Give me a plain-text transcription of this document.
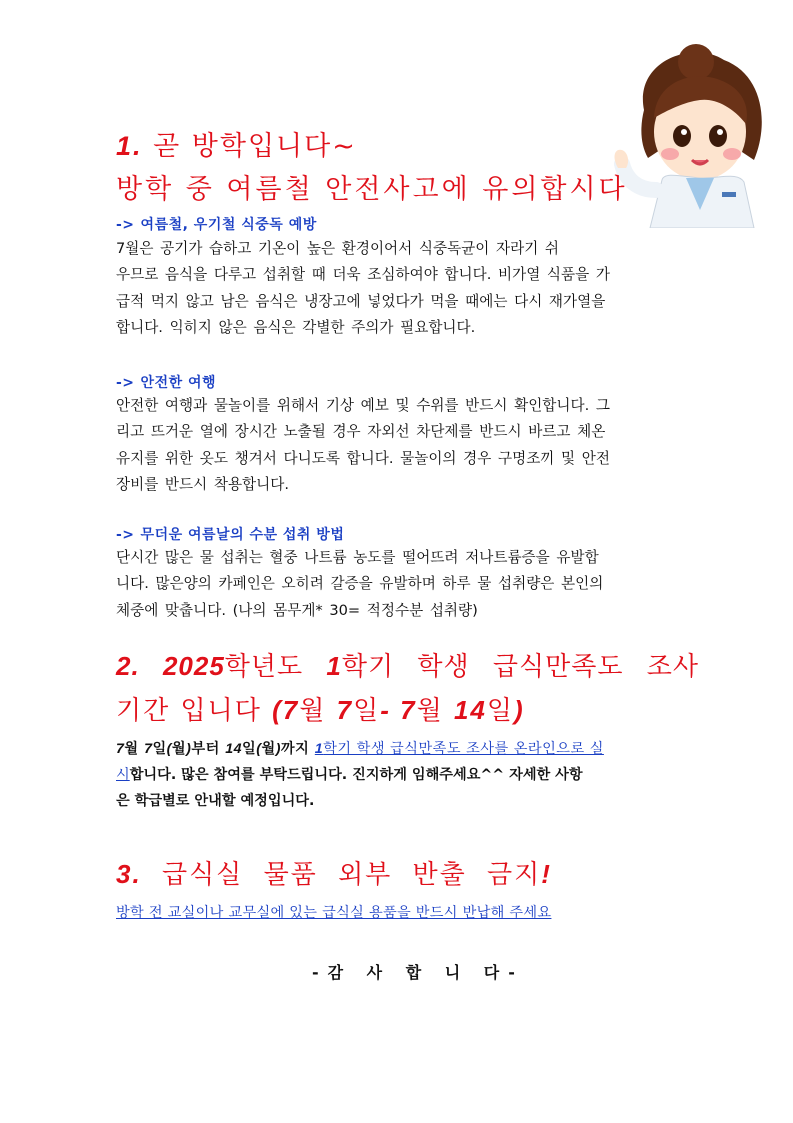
1. 곧 방학입니다~
방학 중 여름철 안전사고에 유의합시다
-> 여름철, 우기철 식중독 예방
7월은 공기가 습하고 기온이 높은 환경이어서 식중독균이 자라기 쉬
우므로 음식을 다루고 섭취할 때 더욱 조심하여야 합니다. 비가열 식품을 가
급적 먹지 않고 남은 음식은 냉장고에 넣었다가 먹을 때에는 다시 재가열을
합니다. 익히지 않은 음식은 각별한 주의가 필요합니다.
-> 안전한 여행
안전한 여행과 물놀이를 위해서 기상 예보 및 수위를 반드시 확인합니다. 그
리고 뜨거운 열에 장시간 노출될 경우 자외선 차단제를 반드시 바르고 체온
유지를 위한 옷도 챙겨서 다니도록 합니다. 물놀이의 경우 구명조끼 및 안전
장비를 반드시 착용합니다.
-> 무더운 여름날의 수분 섭취 방법
단시간 많은 물 섭취는 혈중 나트륨 농도를 떨어뜨려 저나트륨증을 유발합
니다. 많은양의 카페인은 오히려 갈증을 유발하며 하루 물 섭취량은 본인의
체중에 맞춥니다. (나의 몸무게* 30= 적정수분 섭취량)
2. 2025학년도 1학기 학생 급식만족도 조사
기간 입니다 (7월 7일- 7월 14일)
7월 7일(월)부터 14일(월)까지 1학기 학생 급식만족도 조사를 온라인으로 실
시합니다. 많은 참여를 부탁드립니다. 진지하게 임해주세요^^ 자세한 사항
은 학급별로 안내할 예정입니다.
3. 급식실 물품 외부 반출 금지!
방학 전 교실이나 교무실에 있는 급식실 용품을 반드시 반납해 주세요
-감 사 합 니 다-
